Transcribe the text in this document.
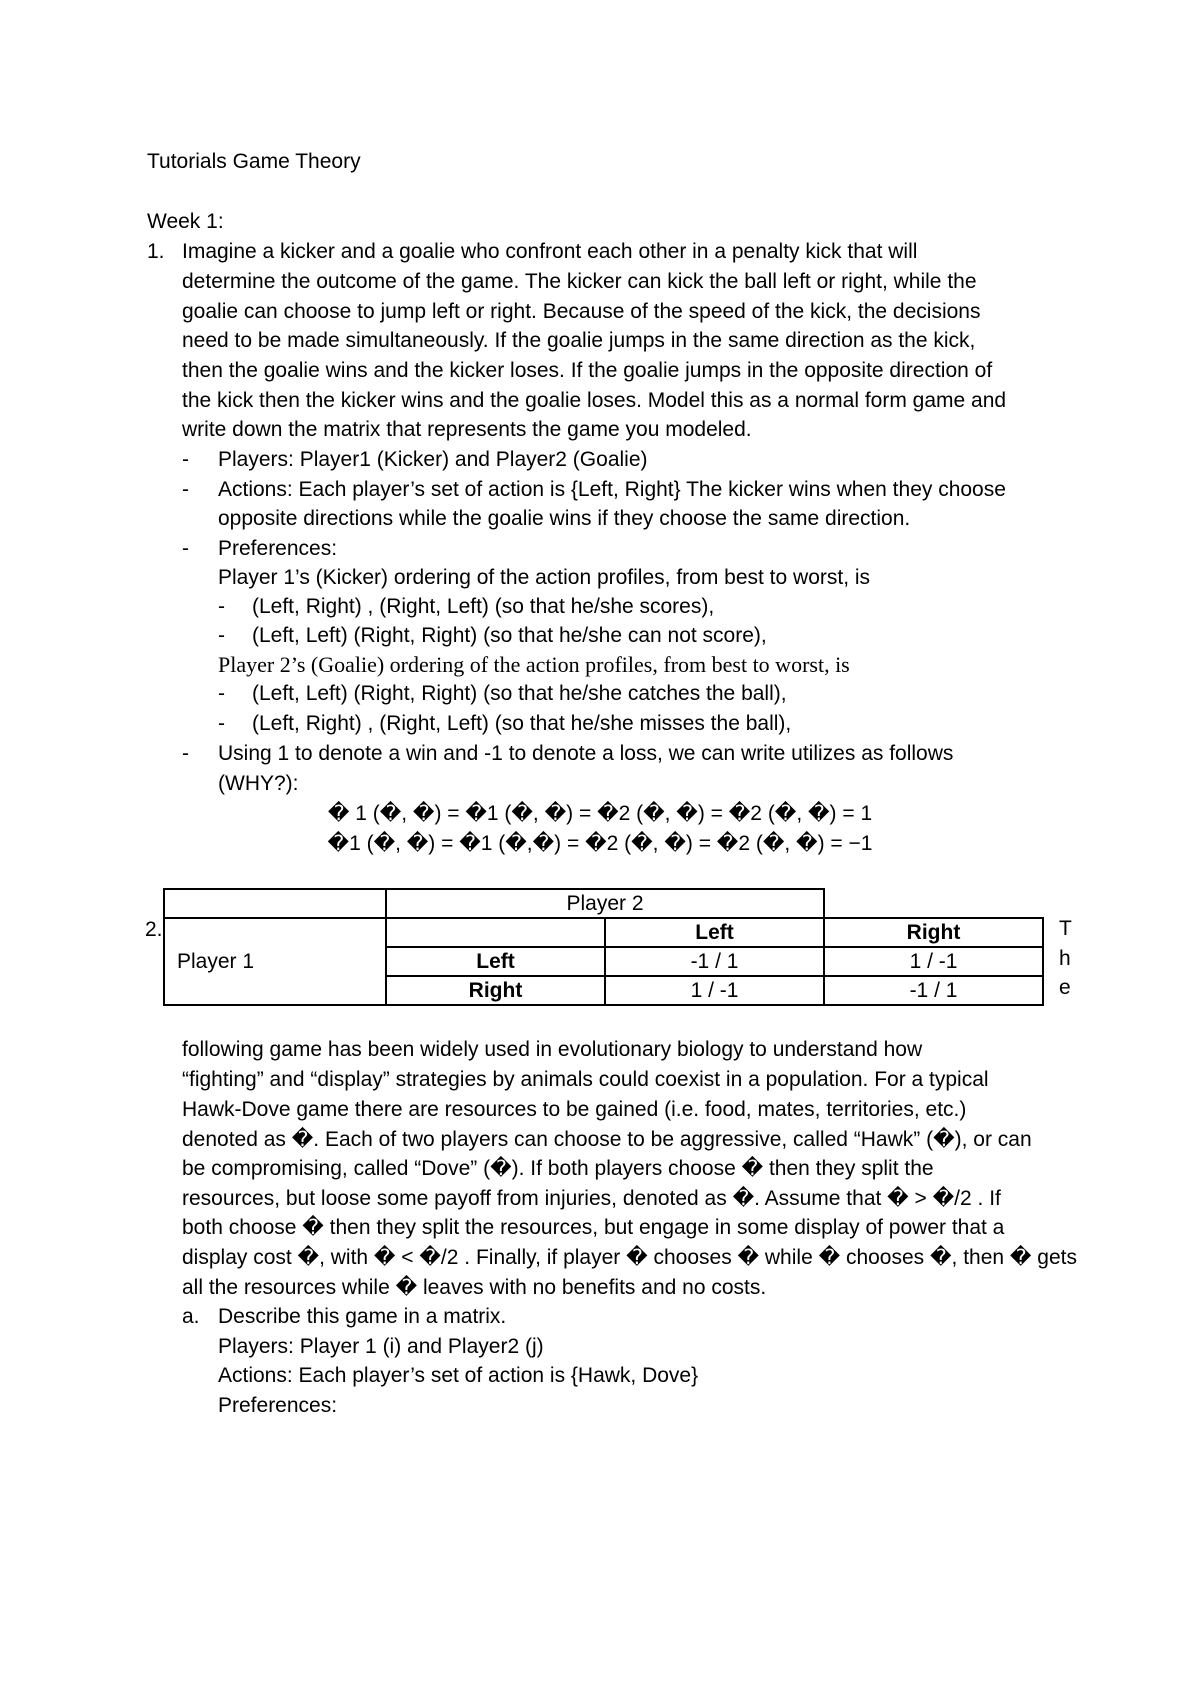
Tutorials Game Theory
Week 1:
1. Imagine a kicker and a goalie who confront each other in a penalty kick that will
determine the outcome of the game. The kicker can kick the ball left or right, while the
goalie can choose to jump left or right. Because of the speed of the kick, the decisions
need to be made simultaneously. If the goalie jumps in the same direction as the kick,
then the goalie wins and the kicker loses. If the goalie jumps in the opposite direction of
the kick then the kicker wins and the goalie loses. Model this as a normal form game and
write down the matrix that represents the game you modeled.
- Players: Player1 (Kicker) and Player2 (Goalie)
- Actions: Each player’s set of action is {Left, Right} The kicker wins when they choose
opposite directions while the goalie wins if they choose the same direction.
- Preferences:
Player 1’s (Kicker) ordering of the action profiles, from best to worst, is
- (Left, Right) , (Right, Left) (so that he/she scores),
- (Left, Left) (Right, Right) (so that he/she can not score),
Player 2’s (Goalie) ordering of the action profiles, from best to worst, is
- (Left, Left) (Right, Right) (so that he/she catches the ball),
- (Left, Right) , (Right, Left) (so that he/she misses the ball),
- Using 1 to denote a win and -1 to denote a loss, we can write utilizes as follows
(WHY?):
� 1 (�, �) = �1 (�, �) = �2 (�, �) = �2 (�, �) = 1
�1 (�, �) = �1 (�,�) = �2 (�, �) = �2 (�, �) = −1
2.
	Player 2		
Player 1		Left	Right
	Left	-1 / 1	1 / -1
	Right	1 / -1	-1 / 1
T
h
e
following game has been widely used in evolutionary biology to understand how
“fighting” and “display” strategies by animals could coexist in a population. For a typical
Hawk-Dove game there are resources to be gained (i.e. food, mates, territories, etc.)
denoted as �. Each of two players can choose to be aggressive, called “Hawk” (�), or can
be compromising, called “Dove” (�). If both players choose � then they split the
resources, but loose some payoff from injuries, denoted as �. Assume that � > �/2 . If
both choose � then they split the resources, but engage in some display of power that a
display cost �, with � < �/2 . Finally, if player � chooses � while � chooses �, then � gets
all the resources while � leaves with no benefits and no costs.
a. Describe this game in a matrix.
Players: Player 1 (i) and Player2 (j)
Actions: Each player’s set of action is {Hawk, Dove}
Preferences:
